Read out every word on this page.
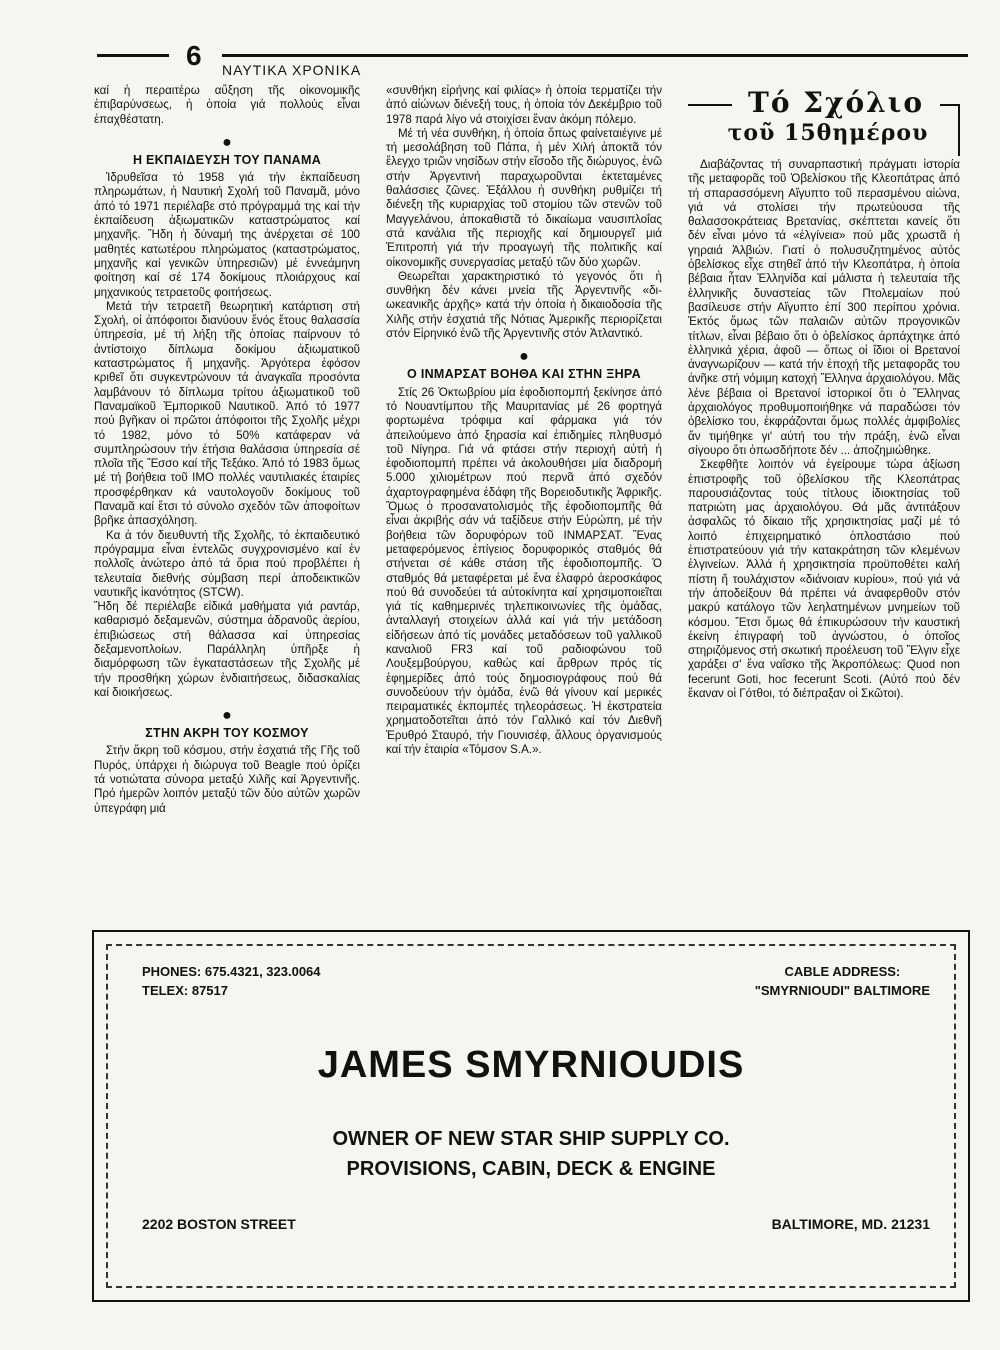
6 ΝΑΥΤΙΚΑ ΧΡΟΝΙΚΑ

καί ἡ περαιτέρω αὔξηση τῆς οἰκονομικῆς ἐπιβαρύνσεως, ἡ ὁποία γιά πολλούς εἶναι ἐπαχθέστατη.

●
Η ΕΚΠΑΙΔΕΥΣΗ ΤΟΥ ΠΑΝΑΜΑ

Ἱδρυθεῖσα τό 1958 γιά τήν ἐκπαίδευση πληρωμάτων, ἡ Ναυτική Σχολή τοῦ Παναμᾶ, μόνο ἀπό τό 1971 περιέλαβε στό πρόγραμμά της καί τήν ἐκπαίδευση ἀξιωματικῶν καταστρώματος καί μηχανῆς. Ἤδη ἡ δύναμή της ἀνέρχεται σέ 100 μαθητές κατωτέρου πληρώματος (καταστρώματος, μηχανῆς καί γενικῶν ὑπηρεσιῶν) μέ ἐννεάμηνη φοίτηση καί σέ 174 δοκίμους πλοιάρχους καί μηχανικούς τετραετοῦς φοιτήσεως.

Μετά τήν τετραετῆ θεωρητική κατάρτιση στή Σχολή, οἱ ἀπόφοιτοι διανύουν ἕνός ἔτους θαλασσία ὑπηρεσία, μέ τή λήξη τῆς ὁποίας παίρνουν τό ἀντίστοιχο δίπλωμα δοκίμου ἀξιωματικοῦ καταστρώματος ἤ μηχανῆς. Ἀργότερα ἐφόσον κριθεῖ ὅτι συγκεντρώνουν τά ἀναγκαῖα προσόντα λαμβάνουν τό δίπλωμα τρίτου ἀξιωματικοῦ τοῦ Παναμαϊκοῦ Ἐμπορικοῦ Ναυτικοῦ. Ἀπό τό 1977 πού βγῆκαν οἱ πρῶτοι ἀπόφοιτοι τῆς Σχολῆς μέχρι τό 1982, μόνο τό 50% κατάφεραν νά συμπληρώσουν τήν ἐτήσια θαλάσσια ὑπηρεσία σέ πλοῖα τῆς Ἔσσο καί τῆς Τεξάκο. Ἀπό τό 1983 ὅμως μέ τή βοήθεια τοῦ ΙΜΟ πολλές ναυτιλιακές ἑταιρίες προσφέρθηκαν κά ναυτολογοῦν δοκίμους τοῦ Παναμᾶ καί ἔτσι τό σύνολο σχεδόν τῶν ἀποφοίτων βρῆκε ἀπασχόληση.

Κα ἀ τόν διευθυντή τῆς Σχολῆς, τό ἐκπαιδευτικό πρόγραμμα εἶναι ἐντελῶς συγχρονισμένο καί ἐν πολλοῖς ἀνώτερο ἀπό τά ὅρια πού προβλέπει ἡ τελευταία διεθνής σύμβαση περί ἀποδεικτικῶν ναυτικῆς ἱκανότητος (STCW).

Ἤδη δέ περιέλαβε εἰδικά μαθήματα γιά ραντάρ, καθαρισμό δεξαμενῶν, σύστημα ἀδρανοῦς ἀερίου, ἐπιβιώσεως στή θάλασσα καί ὑπηρεσίας δεξαμενοπλοίων. Παράλληλη ὑπῆρξε ἡ διαμόρφωση τῶν ἐγκαταστάσεων τῆς Σχολῆς μέ τήν προσθήκη χώρων ἐνδιαιτήσεως, διδασκαλίας καί διοικήσεως.

●
ΣΤΗΝ ΑΚΡΗ ΤΟΥ ΚΟΣΜΟΥ

Στήν ἄκρη τοῦ κόσμου, στήν ἐσχατιά τῆς Γῆς τοῦ Πυρός, ὑπάρχει ἡ διώρυγα τοῦ Beagle πού ὁρίζει τά νοτιώτατα σύνορα μεταξύ Χιλῆς καί Ἀργεντινῆς. Πρό ἡμερῶν λοιπόν μεταξύ τῶν δύο αὐτῶν χωρῶν ὑπεγράφη μιά

«συνθήκη εἰρήνης καί φιλίας» ἡ ὁποία τερματίζει τήν ἀπό αἰώνων διένεξή τους, ἡ ὁποία τόν Δεκέμβριο τοῦ 1978 παρά λίγο νά στοιχίσει ἕναν ἀκόμη πόλεμο.

Μέ τή νέα συνθήκη, ἡ ὁποία ὅπως φαίνεταιέγινε μέ τή μεσολάβηση τοῦ Πάπα, ἡ μέν Χιλή ἀποκτᾶ τόν ἔλεγχο τριῶν νησίδων στήν εἴσοδο τῆς διώρυγος, ἐνῶ στήν Ἀργεντινή παραχωροῦνται ἐκτεταμένες θαλάσσιες ζῶνες. Ἐξάλλου ἡ συνθήκη ρυθμίζει τή διένεξη τῆς κυριαρχίας τοῦ στομίου τῶν στενῶν τοῦ Μαγγελάνου, ἀποκαθιστᾶ τό δικαίωμα ναυσιπλοΐας στά κανάλια τῆς περιοχῆς καί δημιουργεῖ μιά Ἐπιτροπή γιά τήν προαγωγή τῆς πολιτικῆς καί οἰκονομικῆς συνεργασίας μεταξύ τῶν δύο χωρῶν.

Θεωρεῖται χαρακτηριστικό τό γεγονός ὅτι ἡ συνθήκη δέν κάνει μνεία τῆς Ἀργεντινῆς «δι-ωκεανικῆς ἀρχῆς» κατά τήν ὁποία ἡ δικαιοδοσία τῆς Χιλῆς στήν ἐσχατιά τῆς Νότιας Ἀμερικῆς περιορίζεται στόν Εἰρηνικό ἐνῶ τῆς Ἀργεντινῆς στόν Ἀτλαντικό.

●
Ο ΙΝΜΑΡΣΑΤ ΒΟΗΘΑ ΚΑΙ ΣΤΗΝ ΞΗΡΑ

Στίς 26 Ὀκτωβρίου μία ἐφοδιοπομπή ξεκίνησε ἀπό τό Νουαντίμπου τῆς Μαυριτανίας μέ 26 φορτηγά φορτωμένα τρόφιμα καί φάρμακα γιά τόν ἀπειλούμενο ἀπό ξηρασία καί ἐπιδημίες πληθυσμό τοῦ Νίγηρα. Γιά νά φτάσει στήν περιοχή αὐτή ἡ ἐφοδιοπομπή πρέπει νά ἀκολουθήσει μία διαδρομή 5.000 χιλιομέτρων πού περνᾶ ἀπό σχεδόν ἀχαρτογραφημένα ἐδάφη τῆς Βορειοδυτικῆς Ἀφρικῆς. Ὅμως ὁ προσανατολισμός τῆς ἐφοδιοπομπῆς θά εἶναι ἀκριβής σάν νά ταξίδευε στήν Εὐρώπη, μέ τήν βοήθεια τῶν δορυφόρων τοῦ ΙΝΜΑΡΣΑΤ. Ἕνας μεταφερόμενος ἐπίγειος δορυφορικός σταθμός θά στήνεται σέ κάθε στάση τῆς ἐφοδιοπομπῆς. Ὁ σταθμός θά μεταφέρεται μέ ἕνα ἐλαφρό ἀεροσκάφος πού θά συνοδεύει τά αὐτοκίνητα καί χρησιμοποιεῖται γιά τίς καθημερινές τηλεπικοινωνίες τῆς ὁμάδας, ἀνταλλαγή στοιχείων ἀλλά καί γιά τήν μετάδοση εἰδήσεων ἀπό τίς μονάδες μεταδόσεων τοῦ γαλλικοῦ καναλιοῦ FR3 καί τοῦ ραδιοφώνου τοῦ Λουξεμβούργου, καθώς καί ἄρθρων πρός τίς ἐφημερίδες ἀπό τούς δημοσιογράφους πού θά συνοδεύουν τήν ὁμάδα, ἐνῶ θά γίνουν καί μερικές πειραματικές ἐκπομπές τηλεοράσεως. Ἡ ἐκστρατεία χρηματοδοτεῖται ἀπό τόν Γαλλικό καί τόν Διεθνῆ Ἐρυθρό Σταυρό, τήν Γιουνισέφ, ἄλλους ὀργανισμούς καί τήν ἑταιρία «Τόμσον S.A.».

Τό Σχόλιο
τοῦ 15θημέρου

Διαβάζοντας τή συναρπαστική πράγματι ἱστορία τῆς μεταφορᾶς τοῦ Ὀβελίσκου τῆς Κλεοπάτρας ἀπό τή σπαρασσόμενη Αἴγυπτο τοῦ περασμένου αἰώνα, γιά νά στολίσει τήν πρωτεύουσα τῆς θαλασσοκράτειας Βρετανίας, σκέπτεται κανείς ὅτι δέν εἶναι μόνο τά «ἐλγίνεια» πού μᾶς χρωστᾶ ἡ γηραιά Ἀλβιών. Γιατί ὁ πολυσυζητημένος αὐτός ὀβελίσκος εἶχε στηθεῖ ἀπό τήν Κλεοπάτρα, ἡ ὁποία βέβαια ἦταν Ἑλληνίδα καί μάλιστα ἡ τελευταία τῆς ἑλληνικῆς δυναστείας τῶν Πτολεμαίων πού βασίλευσε στήν Αἴγυπτο ἐπί 300 περίπου χρόνια. Ἐκτός ὅμως τῶν παλαιῶν αὐτῶν προγονικῶν τίτλων, εἶναι βέβαιο ὅτι ὁ ὀβελίσκος ἀρπάχτηκε ἀπό ἑλληνικά χέρια, ἀφοῦ — ὅπως οἱ ἴδιοι οἱ Βρετανοί ἀναγνωρίζουν — κατά τήν ἐποχή τῆς μεταφορᾶς του ἀνῆκε στή νόμιμη κατοχή Ἕλληνα ἀρχαιολόγου. Μᾶς λένε βέβαια οἱ Βρετανοί ἱστορικοί ὅτι ὁ Ἕλληνας ἀρχαιολόγος προθυμοποιήθηκε νά παραδώσει τόν ὀβελίσκο του, ἐκφράζονται ὅμως πολλές ἀμφιβολίες ἄν τιμήθηκε γι' αὐτή του τήν πράξη, ἐνῶ εἶναι σίγουρο ὅτι ὁπωσδήποτε δέν ... ἀποζημιώθηκε.

Σκεφθῆτε λοιπόν νά ἐγείρουμε τώρα ἀξίωση ἐπιστροφῆς τοῦ ὀβελίσκου τῆς Κλεοπάτρας παρουσιάζοντας τούς τίτλους ἰδιοκτησίας τοῦ πατριώτη μας ἀρχαιολόγου. Θά μᾶς ἀντιτάξουν ἀσφαλῶς τό δίκαιο τῆς χρησικτησίας μαζί μέ τό λοιπό ἐπιχειρηματικό ὁπλοστάσιο πού ἐπιστρατεύουν γιά τήν κατακράτηση τῶν κλεμένων ἐλγινείων. Ἀλλά ἡ χρησικτησία προϋποθέτει καλή πίστη ἤ τουλάχιστον «διάνοιαν κυρίου», πού γιά νά τήν ἀποδείξουν θά πρέπει νά ἀναφερθοῦν στόν μακρύ κατάλογο τῶν λεηλατημένων μνημείων τοῦ κόσμου. Ἔτσι ὅμως θά ἐπικυρώσουν τήν καυστική ἐκείνη ἐπιγραφή τοῦ ἀγνώστου, ὁ ὁποῖος στηριζόμενος στή σκωτική προέλευση τοῦ Ἔλγιν εἶχε χαράξει σ' ἕνα ναΐσκο τῆς Ἀκροπόλεως: Quod non fecerunt Goti, hoc fecerunt Scoti. (Αὐτό πού δέν ἔκαναν οἱ Γότθοι, τό διέπραξαν οἱ Σκῶτοι).

PHONES: 675.4321, 323.0064
TELEX: 87517
CABLE ADDRESS:
"SMYRNIOUDI" BALTIMORE
JAMES SMYRNIOUDIS
OWNER OF NEW STAR SHIP SUPPLY CO.
PROVISIONS, CABIN, DECK & ENGINE
2202 BOSTON STREET	BALTIMORE, MD. 21231
